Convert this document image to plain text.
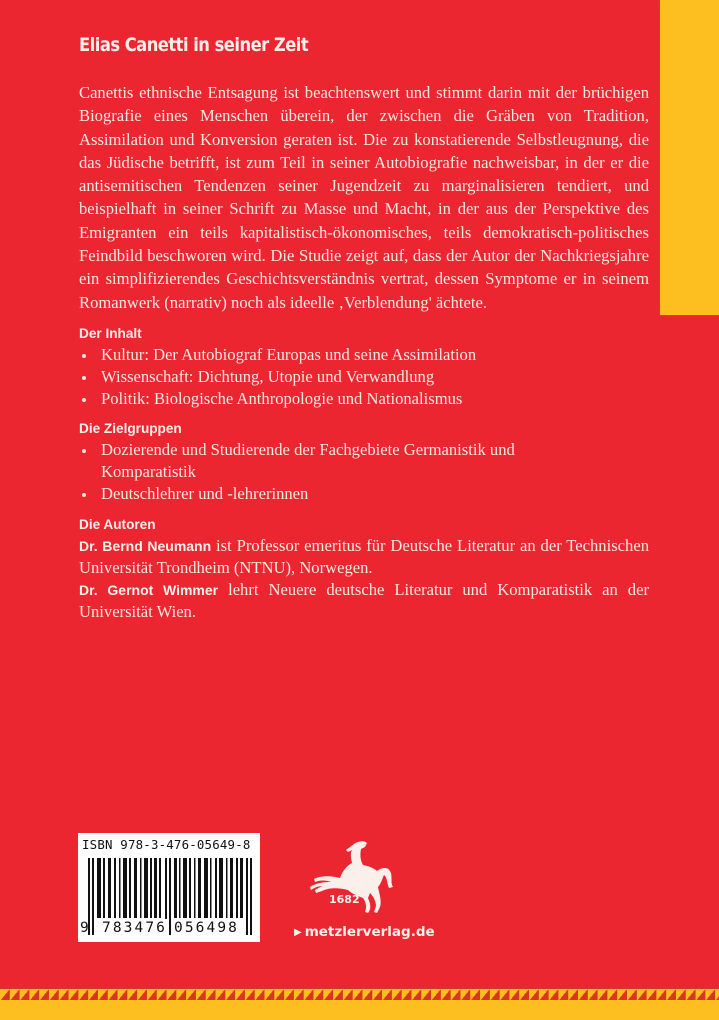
Elias Canetti in seiner Zeit

Canettis ethnische Entsagung ist beachtenswert und stimmt darin mit der brüchigen Biografie eines Menschen überein, der zwischen die Gräben von Tradition, Assimilation und Konversion geraten ist. Die zu konstatierende Selbstleugnung, die das Jüdische betrifft, ist zum Teil in seiner Autobiografie nachweisbar, in der er die antisemitischen Tendenzen seiner Jugendzeit zu marginalisieren tendiert, und beispielhaft in seiner Schrift zu Masse und Macht, in der aus der Perspektive des Emigranten ein teils kapitalistisch-ökonomisches, teils demokratisch-politisches Feindbild beschworen wird. Die Studie zeigt auf, dass der Autor der Nachkriegsjahre ein simplifizierendes Geschichtsverständnis vertrat, dessen Symptome er in seinem Romanwerk (narrativ) noch als ideelle ‚Verblendung' ächtete.

Der Inhalt

Kultur: Der Autobiograf Europas und seine Assimilation
Wissenschaft: Dichtung, Utopie und Verwandlung
Politik: Biologische Anthropologie und Nationalismus

Die Zielgruppen

Dozierende und Studierende der Fachgebiete Germanistik und Komparatistik
Deutschlehrer und -lehrerinnen

Die Autoren

Dr. Bernd Neumann ist Professor emeritus für Deutsche Literatur an der Technischen Universität Trondheim (NTNU), Norwegen.

Dr. Gernot Wimmer lehrt Neuere deutsche Literatur und Komparatistik an der Universität Wien.

ISBN 978-3-476-05649-8
9 783476 056498
1682
▶ metzlerverlag.de
